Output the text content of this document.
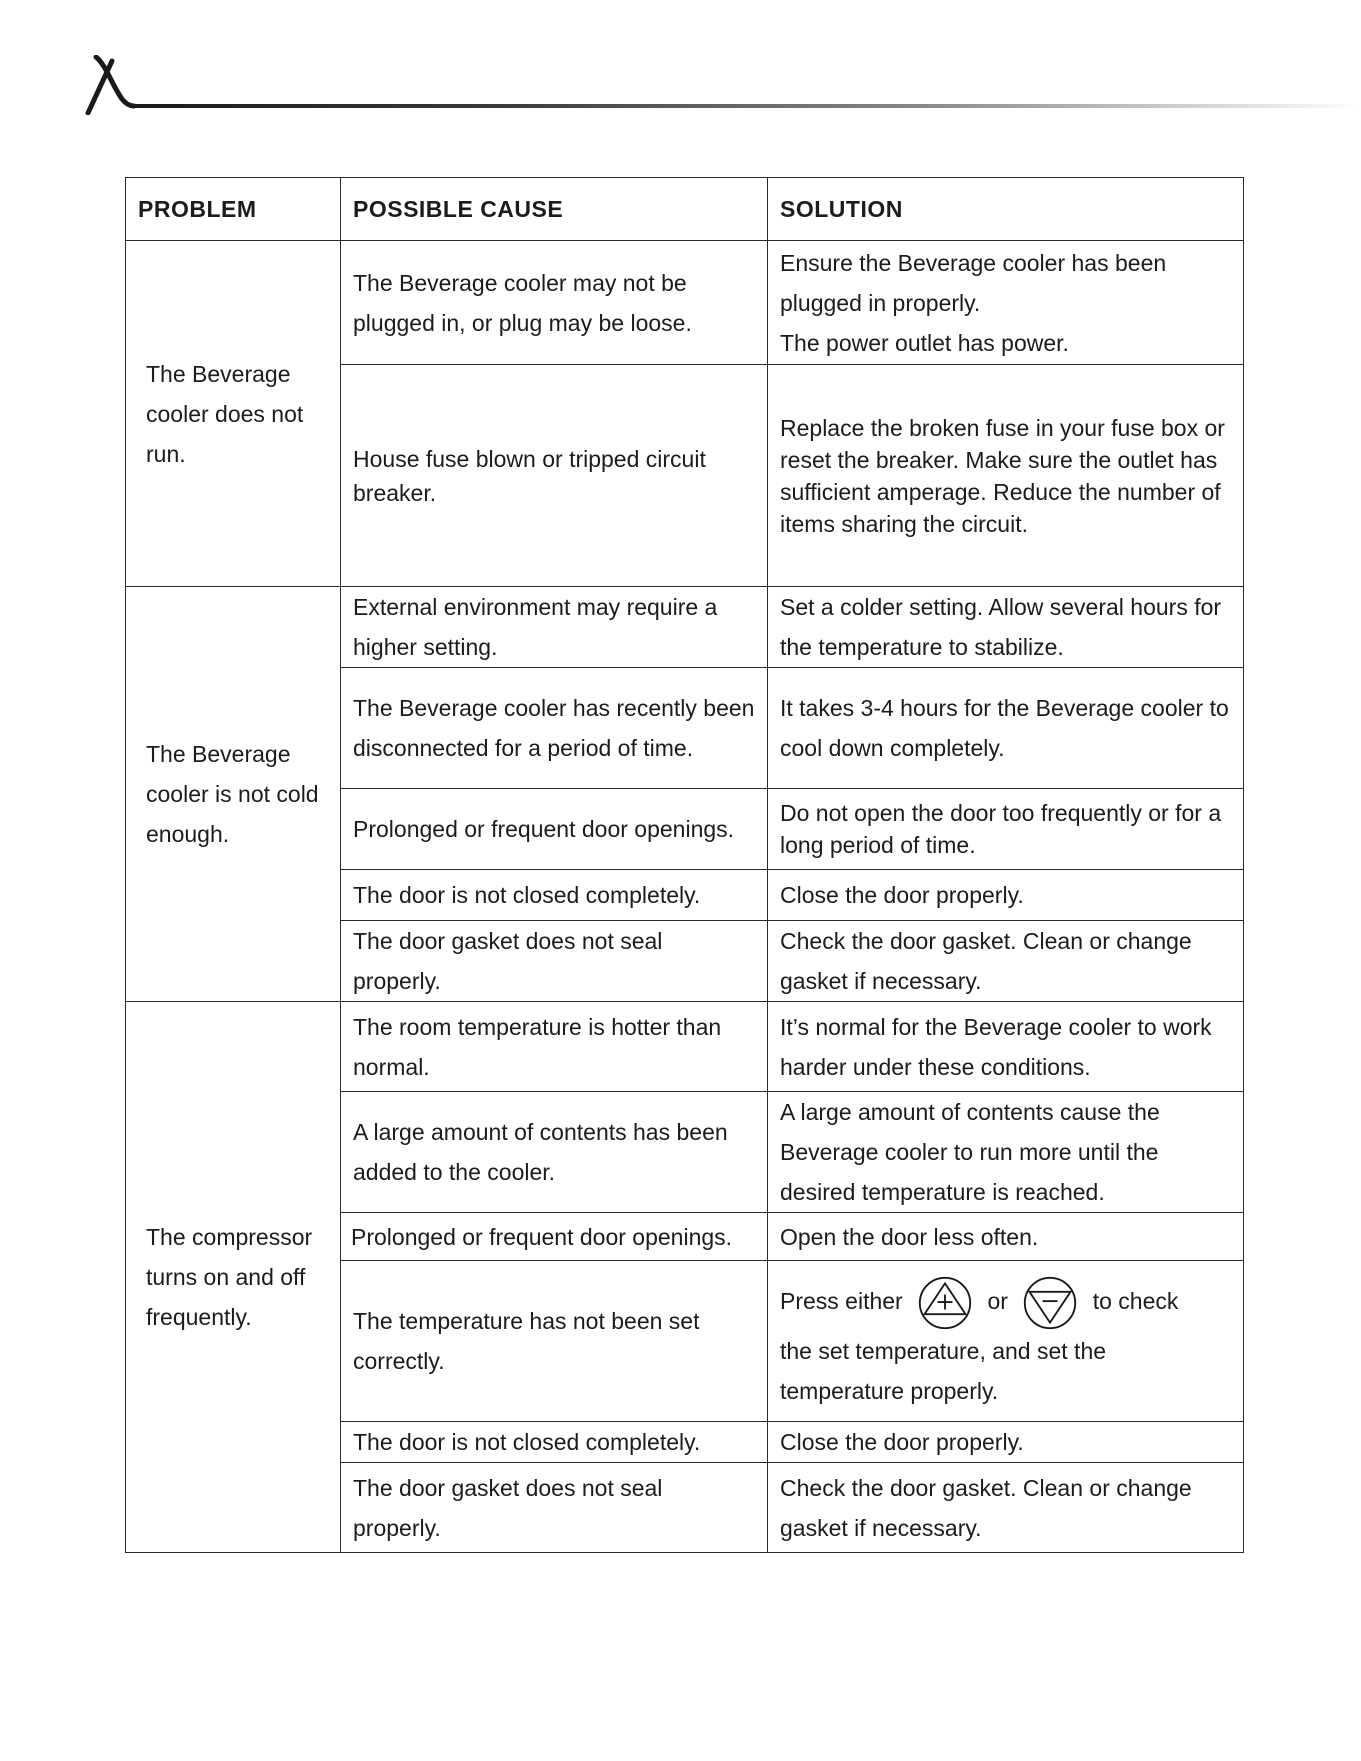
PROBLEM	POSSIBLE CAUSE	SOLUTION
The Beverage cooler does not run.	The Beverage cooler may not be plugged in, or plug may be loose.	Ensure the Beverage cooler has been plugged in properly.
The power outlet has power.

	House fuse blown or tripped circuit breaker.	Replace the broken fuse in your fuse box or reset the breaker. Make sure the outlet has sufficient amperage. Reduce the number of items sharing the circuit.
The Beverage cooler is not cold enough.	External environment may require a higher setting.	Set a colder setting. Allow several hours for the temperature to stabilize.
	The Beverage cooler has recently been disconnected for a period of time.	It takes 3-4 hours for the Beverage cooler to cool down completely.
	Prolonged or frequent door openings.	Do not open the door too frequently or for a long period of time.
	The door is not closed completely.	Close the door properly.
	The door gasket does not seal properly.	Check the door gasket. Clean or change gasket if necessary.
The compressor turns on and off frequently.	The room temperature is hotter than normal.	It’s normal for the Beverage cooler to work harder under these conditions.
	A large amount of contents has been added to the cooler.	A large amount of contents cause the Beverage cooler to run more until the desired temperature is reached.
	Prolonged or frequent door openings.	Open the door less often.
	The temperature has not been set correctly.	Press either or to check
the set temperature, and set the temperature properly.

	The door is not closed completely.	Close the door properly.
	The door gasket does not seal properly.	Check the door gasket. Clean or change gasket if necessary.
